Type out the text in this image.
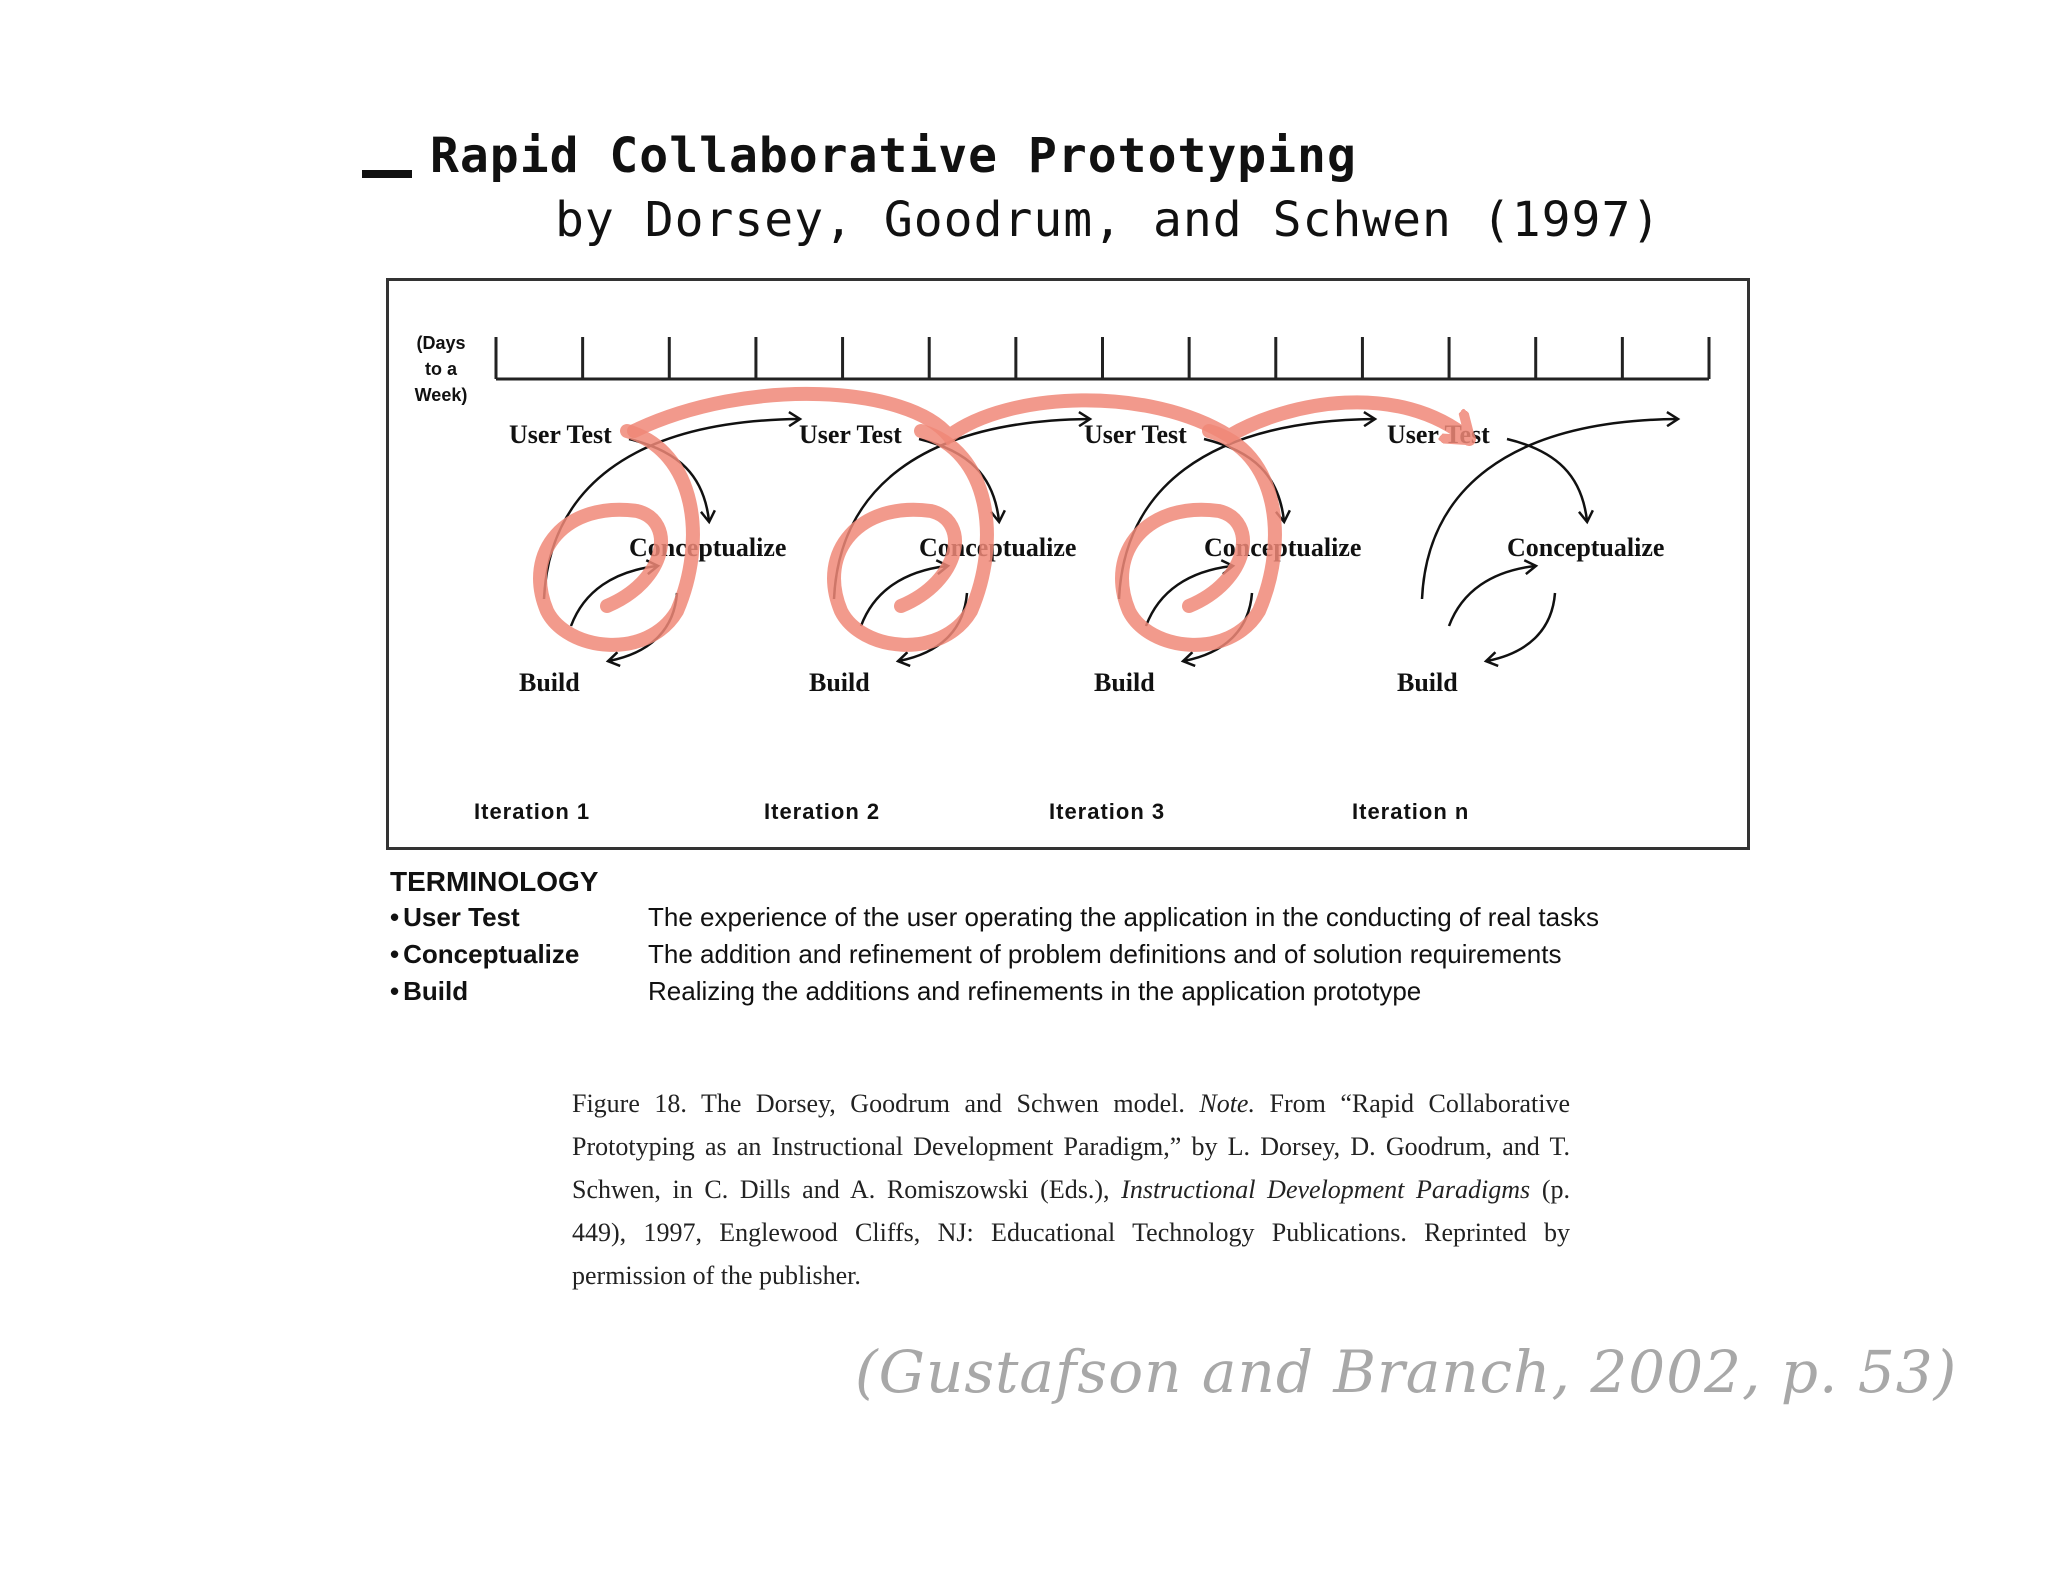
Rapid Collaborative Prototyping
by Dorsey, Goodrum, and Schwen (1997)
(Days
to a
Week)
User Test
Conceptualize
Build
Iteration 1
User Test
Conceptualize
Build
Iteration 2
User Test
Conceptualize
Build
Iteration 3
User Test
Conceptualize
Build
Iteration n
TERMINOLOGY
• User Test	The experience of the user operating the application in the conducting of real tasks
• Conceptualize	The addition and refinement of problem definitions and of solution requirements
• Build	Realizing the additions and refinements in the application prototype
Figure 18. The Dorsey, Goodrum and Schwen model. Note. From “Rapid Collaborative Prototyping as an Instructional Development Paradigm,” by L. Dorsey, D. Goodrum, and T. Schwen, in C. Dills and A. Romiszowski (Eds.), Instructional Development Paradigms (p. 449), 1997, Englewood Cliffs, NJ: Educational Technology Publications. Reprinted by permission of the publisher.
(Gustafson and Branch, 2002, p. 53)
